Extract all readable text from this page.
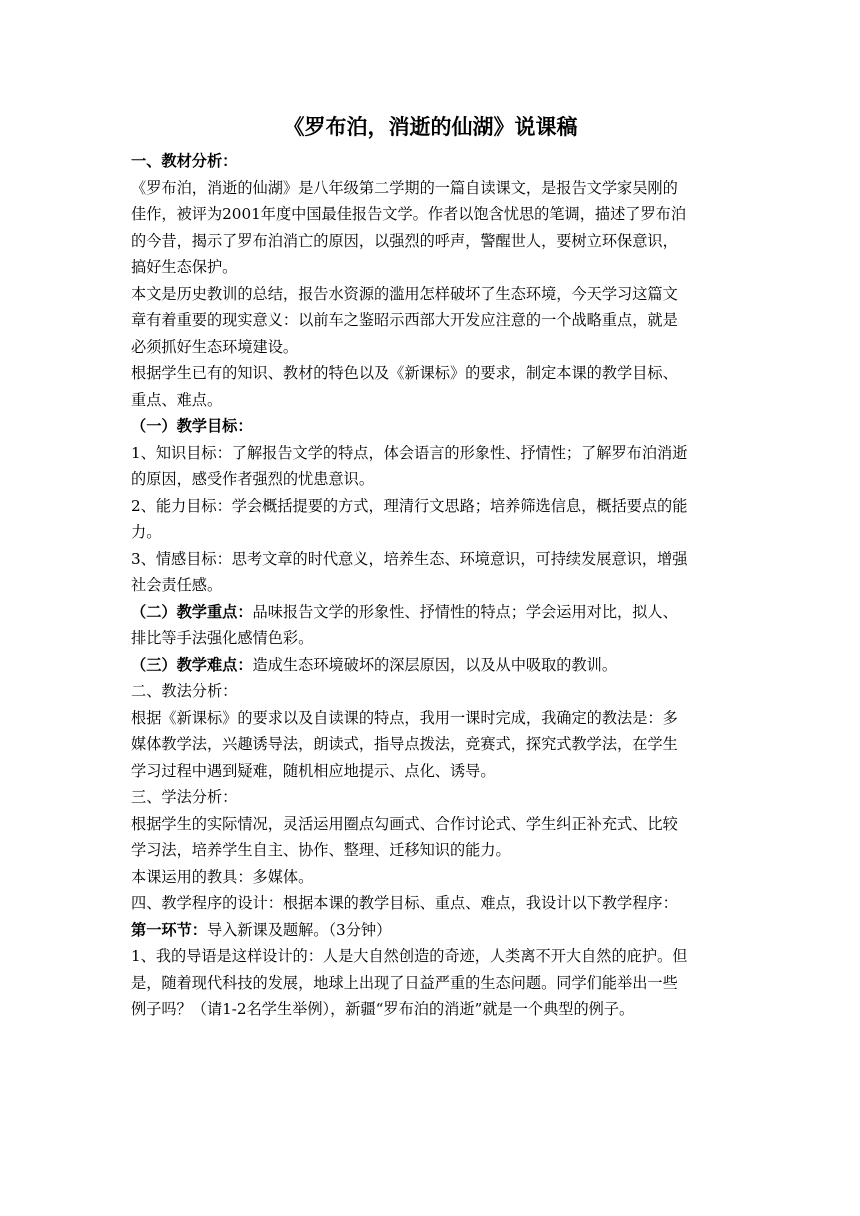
《罗布泊，消逝的仙湖》说课稿

一、教材分析：

《罗布泊，消逝的仙湖》是八年级第二学期的一篇自读课文，是报告文学家吴刚的

佳作，被评为2001年度中国最佳报告文学。作者以饱含忧思的笔调，描述了罗布泊

的今昔，揭示了罗布泊消亡的原因，以强烈的呼声，警醒世人，要树立环保意识，

搞好生态保护。

本文是历史教训的总结，报告水资源的滥用怎样破坏了生态环境，今天学习这篇文

章有着重要的现实意义：以前车之鉴昭示西部大开发应注意的一个战略重点，就是

必须抓好生态环境建设。

根据学生已有的知识、教材的特色以及《新课标》的要求，制定本课的教学目标、

重点、难点。

（一）教学目标：

1、知识目标：了解报告文学的特点，体会语言的形象性、抒情性；了解罗布泊消逝

的原因，感受作者强烈的忧患意识。

2、能力目标：学会概括提要的方式，理清行文思路；培养筛选信息，概括要点的能

力。

3、情感目标：思考文章的时代意义，培养生态、环境意识，可持续发展意识，增强

社会责任感。

（二）教学重点：品味报告文学的形象性、抒情性的特点；学会运用对比，拟人、

排比等手法强化感情色彩。

（三）教学难点：造成生态环境破坏的深层原因，以及从中吸取的教训。

二、教法分析：

根据《新课标》的要求以及自读课的特点，我用一课时完成，我确定的教法是：多

媒体教学法，兴趣诱导法，朗读式，指导点拨法，竞赛式，探究式教学法，在学生

学习过程中遇到疑难，随机相应地提示、点化、诱导。

三、学法分析：

根据学生的实际情况，灵活运用圈点勾画式、合作讨论式、学生纠正补充式、比较

学习法，培养学生自主、协作、整理、迁移知识的能力。

本课运用的教具：多媒体。

四、教学程序的设计：根据本课的教学目标、重点、难点，我设计以下教学程序：

第一环节：导入新课及题解。（3分钟）

1、我的导语是这样设计的：人是大自然创造的奇迹，人类离不开大自然的庇护。但

是，随着现代科技的发展，地球上出现了日益严重的生态问题。同学们能举出一些

例子吗？（请1-2名学生举例），新疆“罗布泊的消逝”就是一个典型的例子。
